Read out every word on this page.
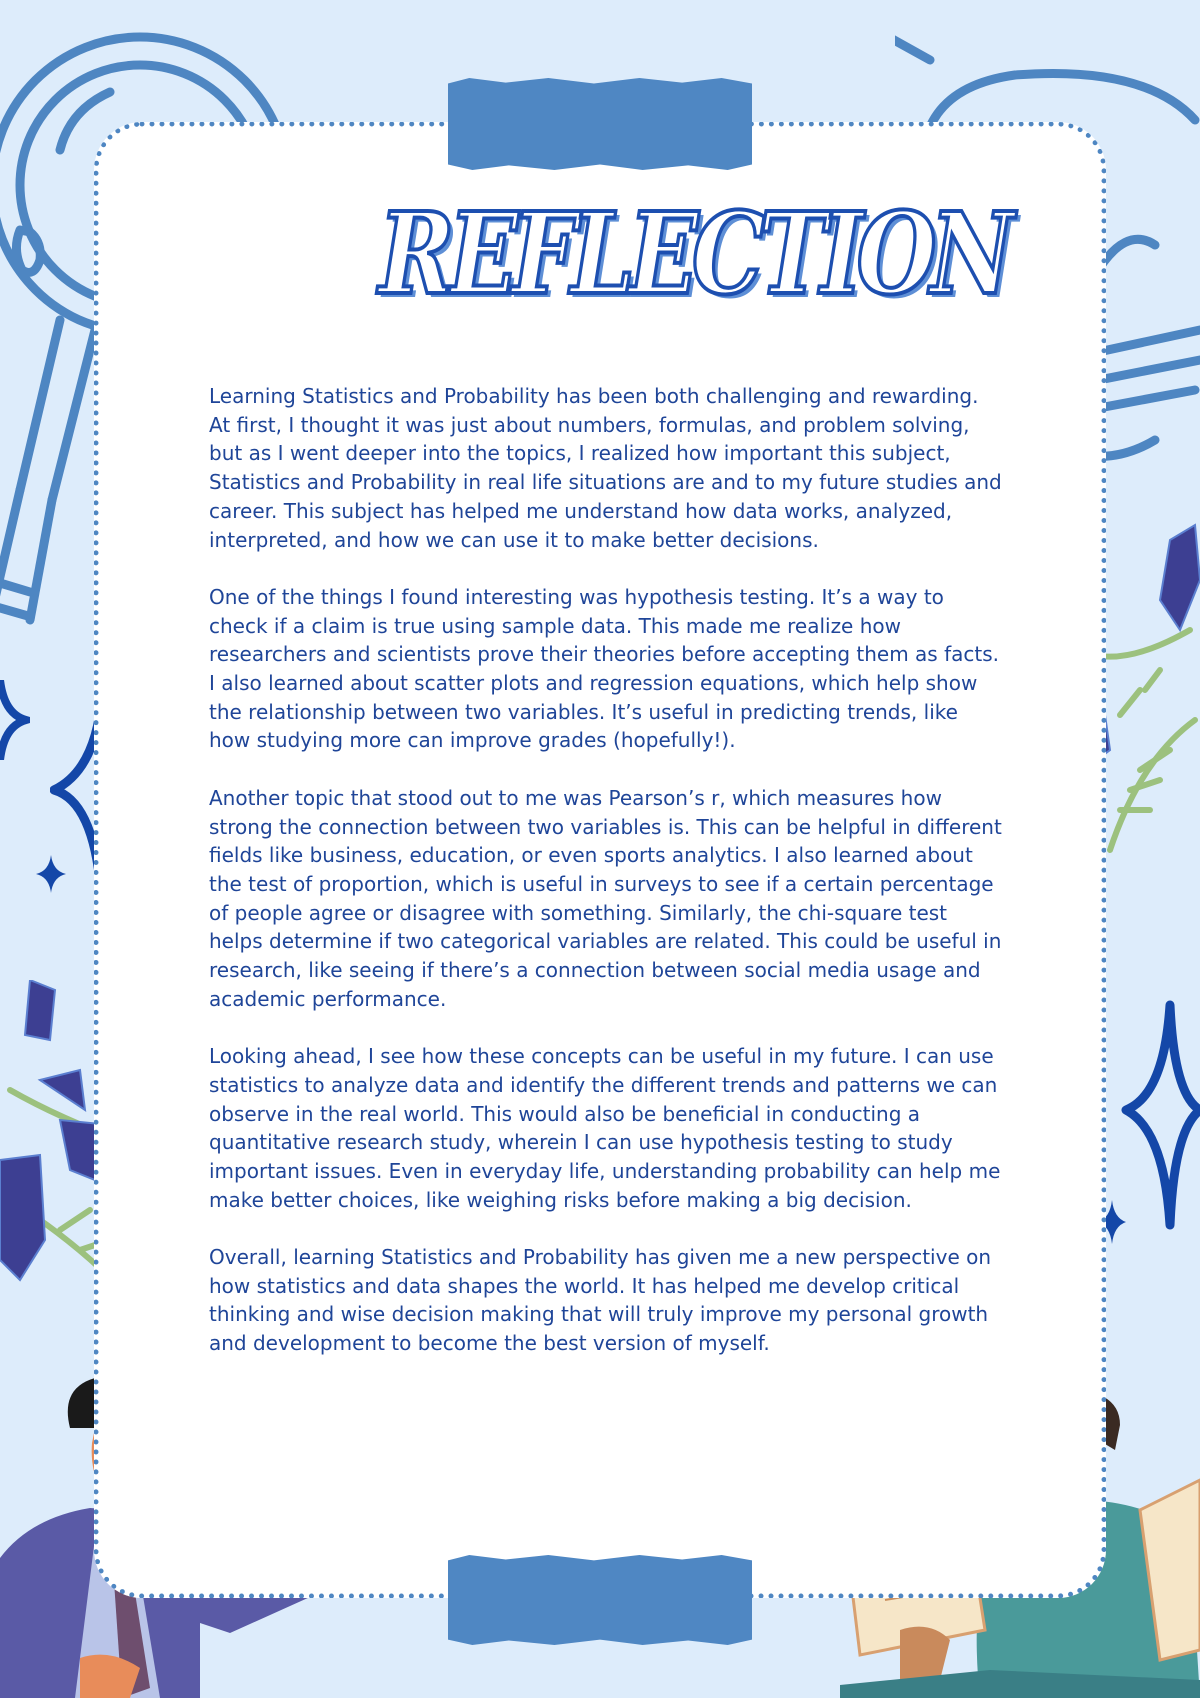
REFLECTION

Learning Statistics and Probability has been both challenging and rewarding. At first, I thought it was just about numbers, formulas, and problem solving, but as I went deeper into the topics, I realized how important this subject, Statistics and Probability in real life situations are and to my future studies and career. This subject has helped me understand how data works, analyzed, interpreted, and how we can use it to make better decisions.

One of the things I found interesting was hypothesis testing. It’s a way to check if a claim is true using sample data. This made me realize how researchers and scientists prove their theories before accepting them as facts. I also learned about scatter plots and regression equations, which help show the relationship between two variables. It’s useful in predicting trends, like how studying more can improve grades (hopefully!).

Another topic that stood out to me was Pearson’s r, which measures how strong the connection between two variables is. This can be helpful in different fields like business, education, or even sports analytics. I also learned about the test of proportion, which is useful in surveys to see if a certain percentage of people agree or disagree with something. Similarly, the chi-square test helps determine if two categorical variables are related. This could be useful in research, like seeing if there’s a connection between social media usage and academic performance.

Looking ahead, I see how these concepts can be useful in my future. I can use statistics to analyze data and identify the different trends and patterns we can observe in the real world. This would also be beneficial in conducting a quantitative research study, wherein I can use hypothesis testing to study important issues. Even in everyday life, understanding probability can help me make better choices, like weighing risks before making a big decision.

Overall, learning Statistics and Probability has given me a new perspective on how statistics and data shapes the world. It has helped me develop critical thinking and wise decision making that will truly improve my personal growth and development to become the best version of myself.
